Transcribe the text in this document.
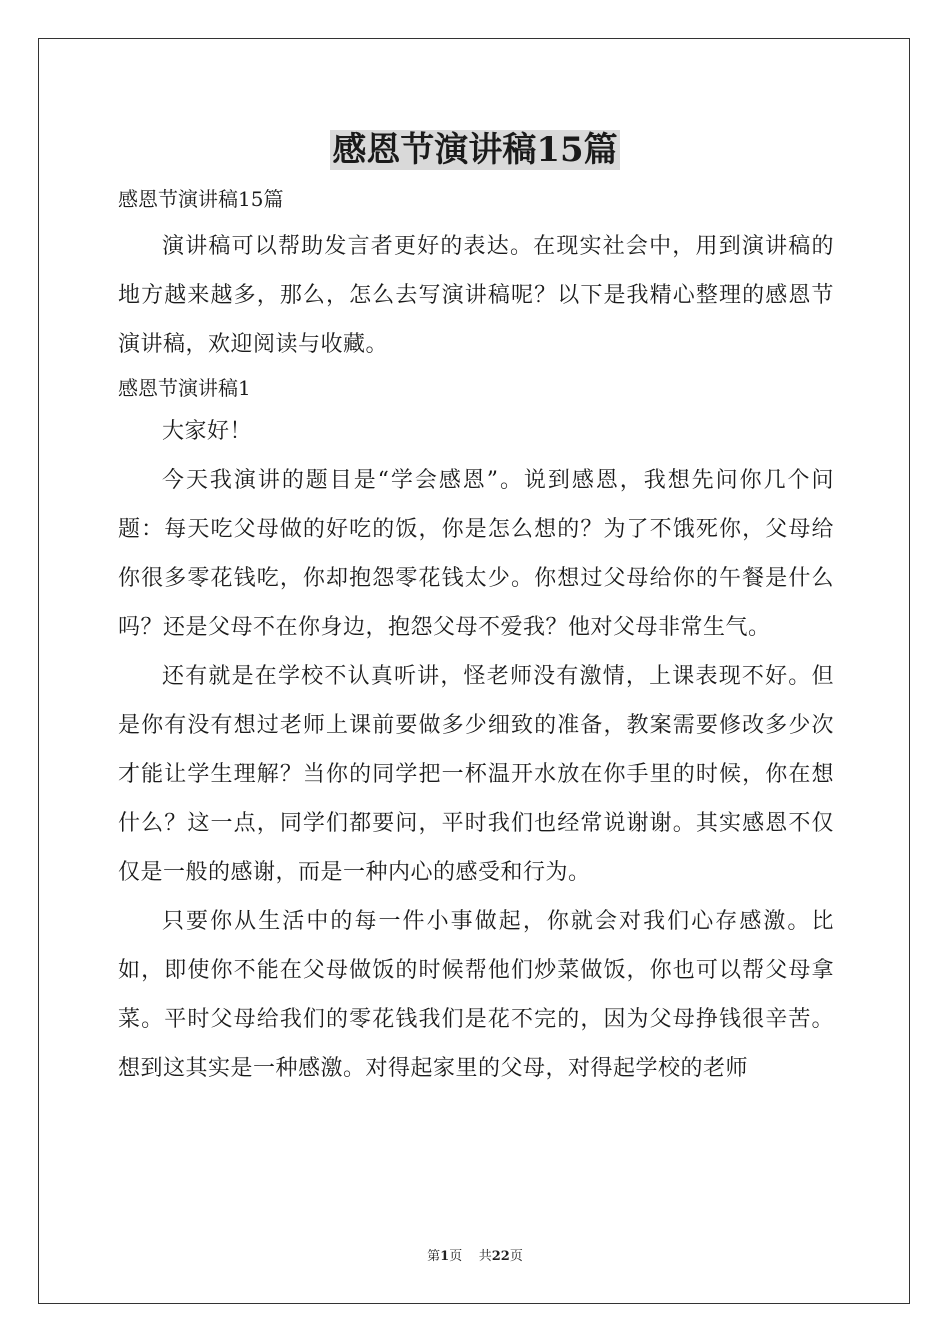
感恩节演讲稿15篇

感恩节演讲稿15篇

演讲稿可以帮助发言者更好的表达。在现实社会中，用到演讲稿的地方越来越多，那么，怎么去写演讲稿呢？以下是我精心整理的感恩节演讲稿，欢迎阅读与收藏。

感恩节演讲稿1

大家好！

今天我演讲的题目是“学会感恩”。说到感恩，我想先问你几个问题：每天吃父母做的好吃的饭，你是怎么想的？为了不饿死你，父母给你很多零花钱吃，你却抱怨零花钱太少。你想过父母给你的午餐是什么吗？还是父母不在你身边，抱怨父母不爱我？他对父母非常生气。

还有就是在学校不认真听讲，怪老师没有激情，上课表现不好。但是你有没有想过老师上课前要做多少细致的准备，教案需要修改多少次才能让学生理解？当你的同学把一杯温开水放在你手里的时候，你在想什么？这一点，同学们都要问，平时我们也经常说谢谢。其实感恩不仅仅是一般的感谢，而是一种内心的感受和行为。

只要你从生活中的每一件小事做起，你就会对我们心存感激。比如，即使你不能在父母做饭的时候帮他们炒菜做饭，你也可以帮父母拿菜。平时父母给我们的零花钱我们是花不完的，因为父母挣钱很辛苦。想到这其实是一种感激。对得起家里的父母，对得起学校的老师

第1页 共22页
